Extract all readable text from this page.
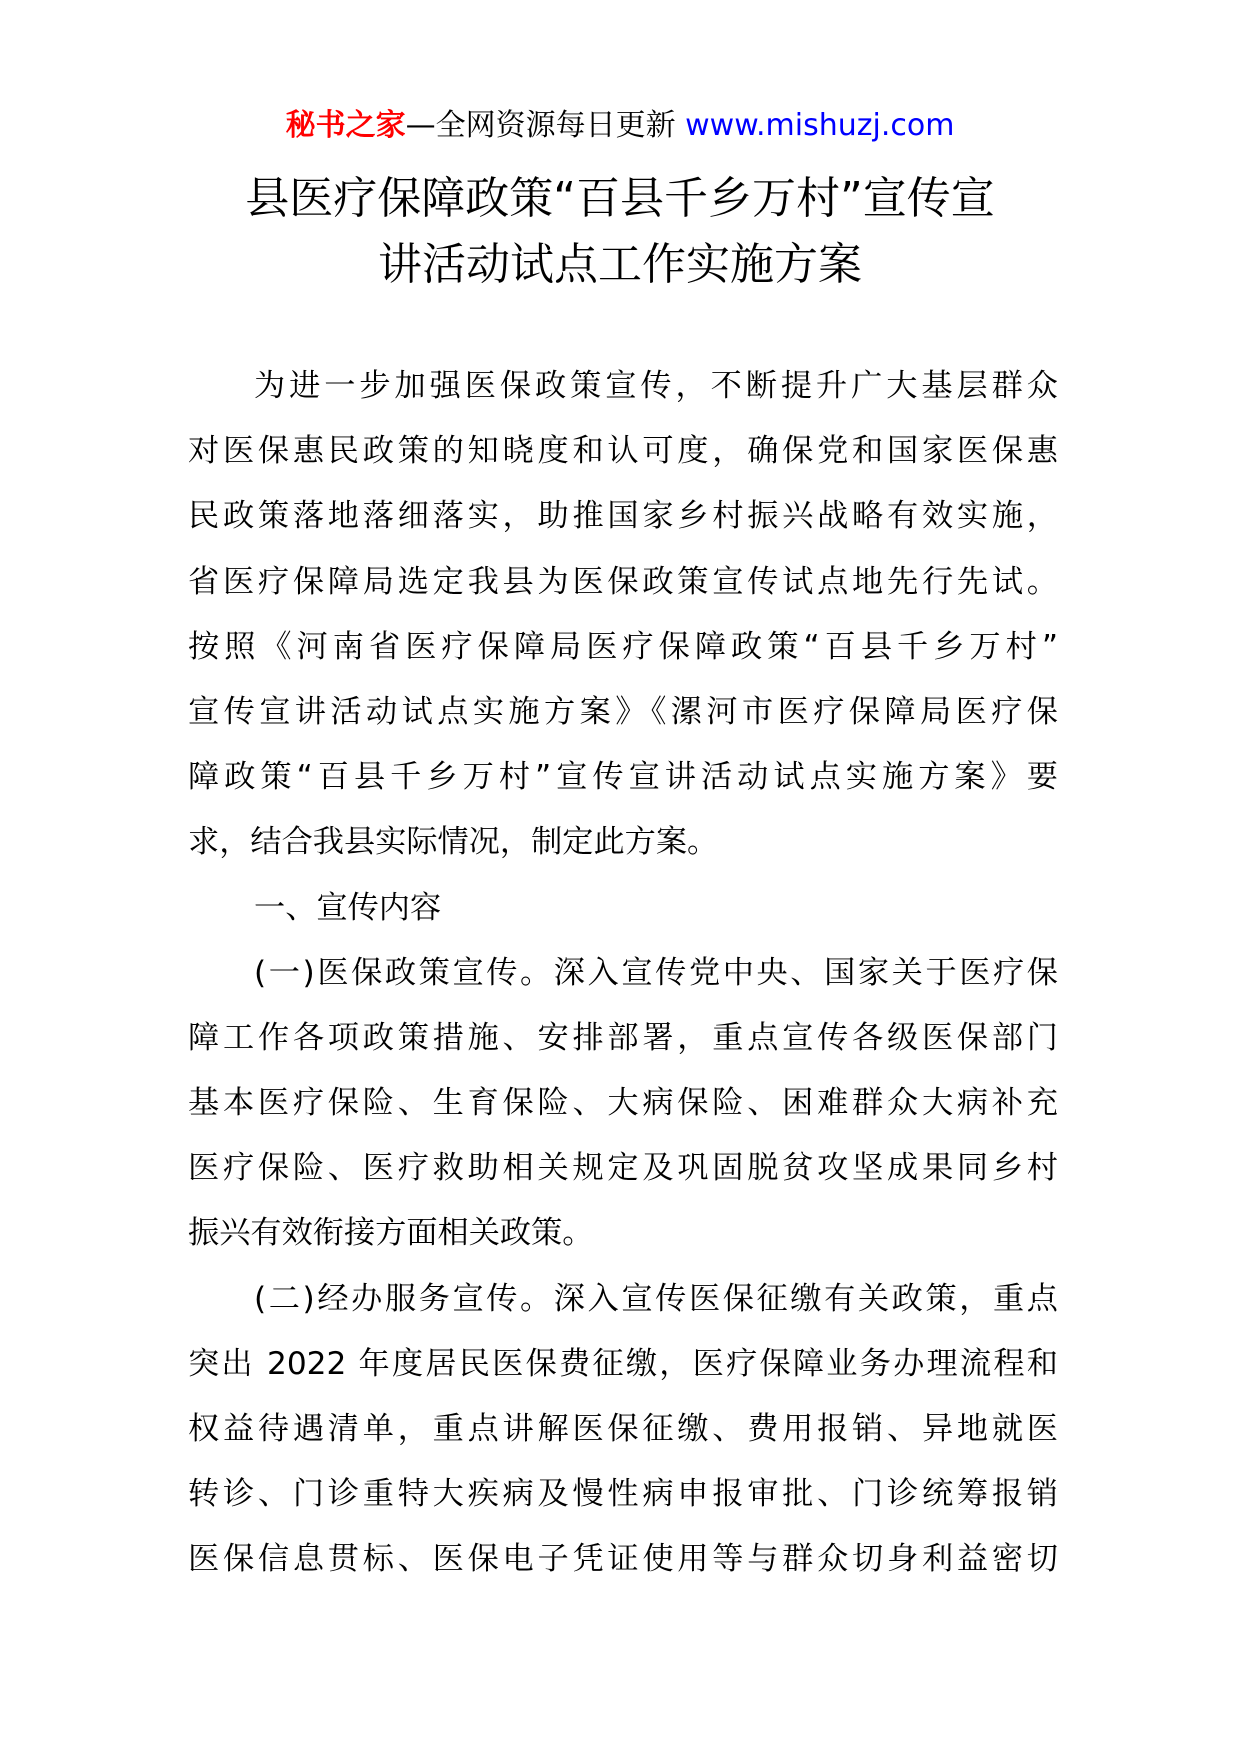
秘书之家—全网资源每日更新 www.mishuzj.com
县医疗保障政策“百县千乡万村”宣传宣
讲活动试点工作实施方案
为进一步加强医保政策宣传，不断提升广大基层群众
对医保惠民政策的知晓度和认可度，确保党和国家医保惠
民政策落地落细落实，助推国家乡村振兴战略有效实施，
省医疗保障局选定我县为医保政策宣传试点地先行先试。
按照《河南省医疗保障局医疗保障政策“百县千乡万村”
宣传宣讲活动试点实施方案》《漯河市医疗保障局医疗保
障政策“百县千乡万村”宣传宣讲活动试点实施方案》要
求，结合我县实际情况，制定此方案。
一、宣传内容
(一)医保政策宣传。深入宣传党中央、国家关于医疗保
障工作各项政策措施、安排部署，重点宣传各级医保部门
基本医疗保险、生育保险、大病保险、困难群众大病补充
医疗保险、医疗救助相关规定及巩固脱贫攻坚成果同乡村
振兴有效衔接方面相关政策。
(二)经办服务宣传。深入宣传医保征缴有关政策，重点
突出 2022 年度居民医保费征缴，医疗保障业务办理流程和
权益待遇清单，重点讲解医保征缴、费用报销、异地就医
转诊、门诊重特大疾病及慢性病申报审批、门诊统筹报销
医保信息贯标、医保电子凭证使用等与群众切身利益密切
